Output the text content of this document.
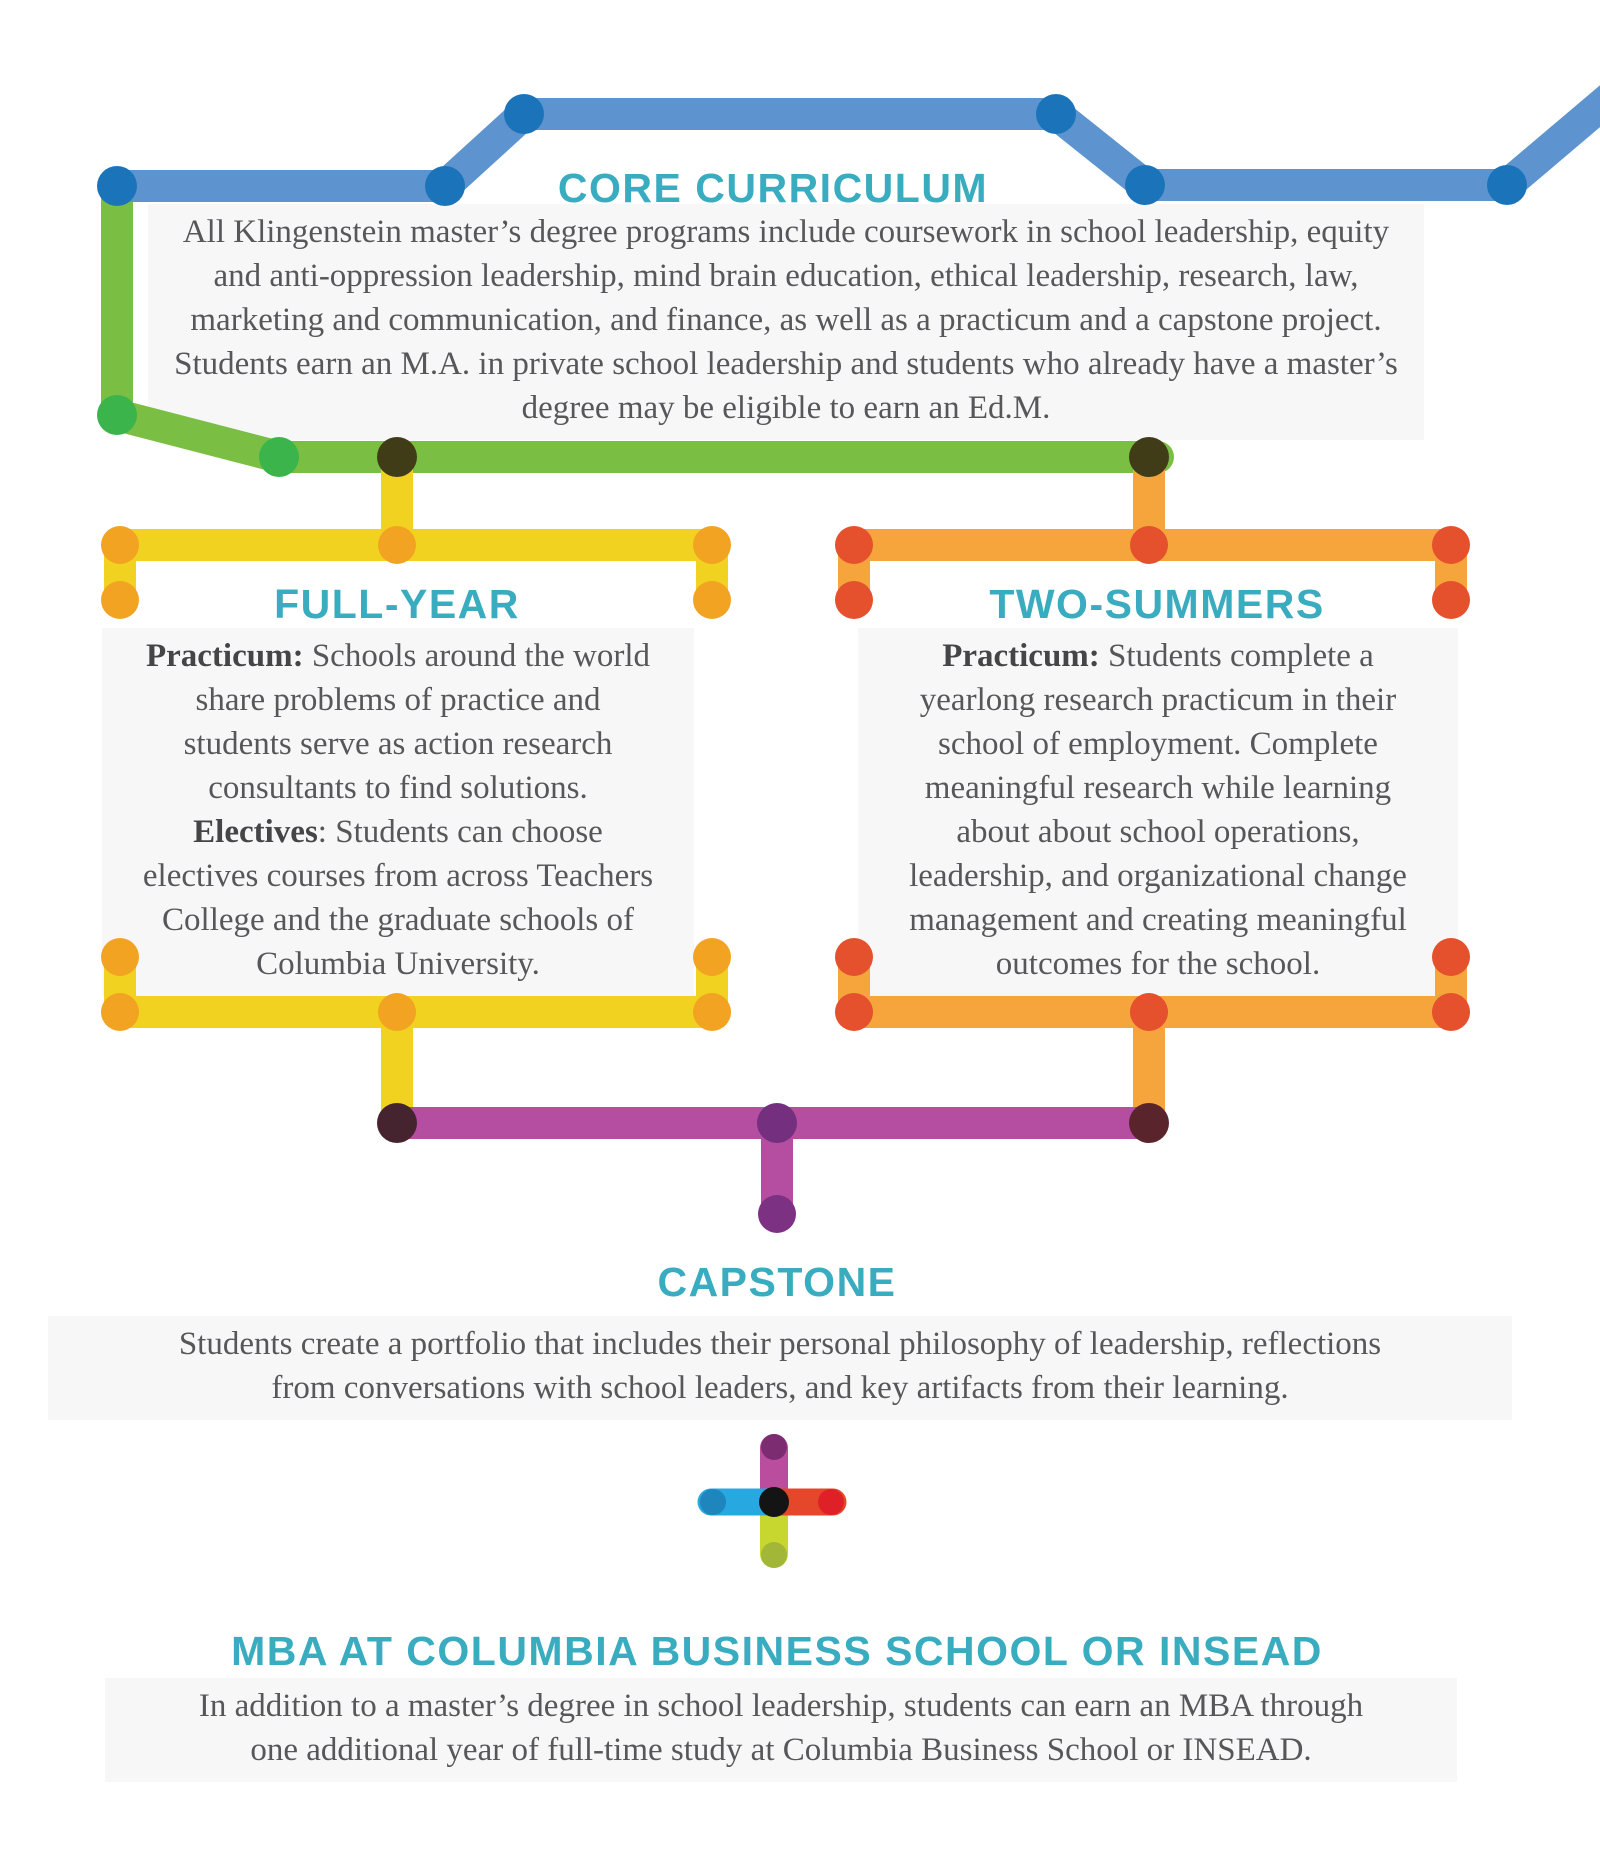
CORE CURRICULUM
FULL-YEAR	TWO-SUMMERS
CAPSTONE
MBA AT COLUMBIA BUSINESS SCHOOL OR INSEAD
All Klingenstein master’s degree programs include coursework in school leadership, equity
and anti-oppression leadership, mind brain education, ethical leadership, research, law,
marketing and communication, and finance, as well as a practicum and a capstone project.
Students earn an M.A. in private school leadership and students who already have a master’s
degree may be eligible to earn an Ed.M.
Practicum: Schools around the world
share problems of practice and
students serve as action research
consultants to find solutions.
Electives: Students can choose
electives courses from across Teachers
College and the graduate schools of
Columbia University.
Practicum: Students complete a
yearlong research practicum in their
school of employment. Complete
meaningful research while learning
about about school operations,
leadership, and organizational change
management and creating meaningful
outcomes for the school.
Students create a portfolio that includes their personal philosophy of leadership, reflections
from conversations with school leaders, and key artifacts from their learning.
In addition to a master’s degree in school leadership, students can earn an MBA through
one additional year of full-time study at Columbia Business School or INSEAD.
